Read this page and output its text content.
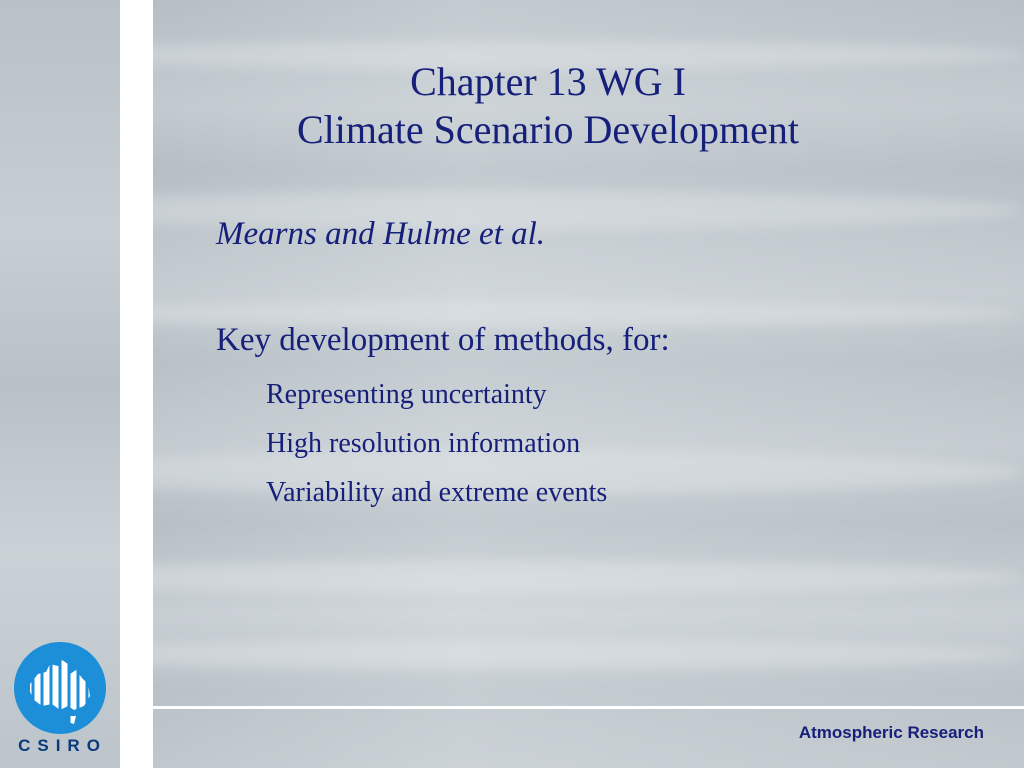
Chapter 13 WG I
Climate Scenario Development
Mearns and Hulme et al.
Key development of methods, for:
Representing uncertainty
High resolution information
Variability and extreme events
Atmospheric Research
CSIRO
